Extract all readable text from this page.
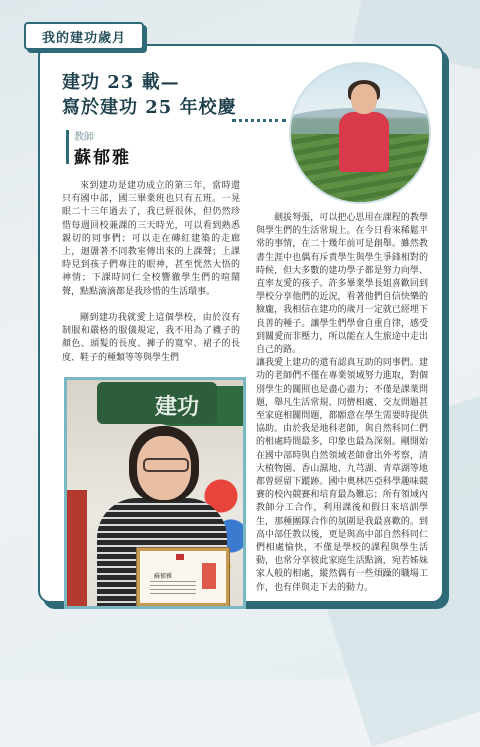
我的建功歲月
建功 23 載—
寫於建功 25 年校慶

教師

蘇郁雅

來到建功是建功成立的第三年，當時還只有國中部，國三畢業班也只有五班。一晃眼二十三年過去了，我已經很休，但仍然珍惜每週回校兼課的三天時光，可以看到熟悉親切的同事們；可以走在磚紅建築的走廊上，迴盪著不同教室傳出來的上課聲；上課時見到孩子們專注的眼神，甚至恍然大悟的神情；下課時同仁全校響徹學生們的喧鬧聲，點點滴滴都是我珍惜的生活環事。

剛到建功我就愛上這個學校，由於沒有制服和嚴格的服儀規定，我不用為了襪子的顏色、頭髮的長度、褲子的寬窄、裙子的長度、鞋子的種類等等與學生們

劍拔弩張，可以把心思用在課程的教學與學生們的生活常規上。在今日看來稀鬆平常的事情，在二十幾年前可是創舉。雖然教書生涯中也偶有斥責學生與學生爭鋒相對的時候，但大多數的建功學子都是努力向學、直率友愛的孩子。許多畢業學長姐喜歡回到學校分享他們的近況，看著他們自信快樂的臉龐，我相信在建功的歲月一定就已經埋下良善的種子。讓學生們學會自重自律，感受到關愛而非壓力，所以能在人生旅途中走出自己的路。
讓我愛上建功的還有認真互助的同事們。建功的老師們不僅在專業領域努力進取，對個別學生的關照也是盡心盡力；不僅是課業問題，舉凡生活常規、同儕相處、交友問題甚至家庭相關問題，都願意在學生需要時提供協助。由於我是地科老師，與自然科同仁們的相處時間最多，印象也最為深刻。剛開始在國中部時與自然領域老師會出外考察，清大植物園、香山濕地、九芎湖、青草湖等地都曾經留下蹤跡。國中奧林匹亞科學趣味競賽的校內競賽和培育最為難忘；所有領域內教師分工合作，利用課後和假日來培訓學生，那種團隊合作的氛圍是我最喜歡的。到高中部任教以後，更是與高中部自然科同仁們相處愉快，不僅是學校的課程與學生活動，也常分享彼此家庭生活點滴，宛若姊妹家人般的相處，縱然偶有一些煩躁的職場工作，也有伴與走下去的動力。

建功
蘇郁雅
